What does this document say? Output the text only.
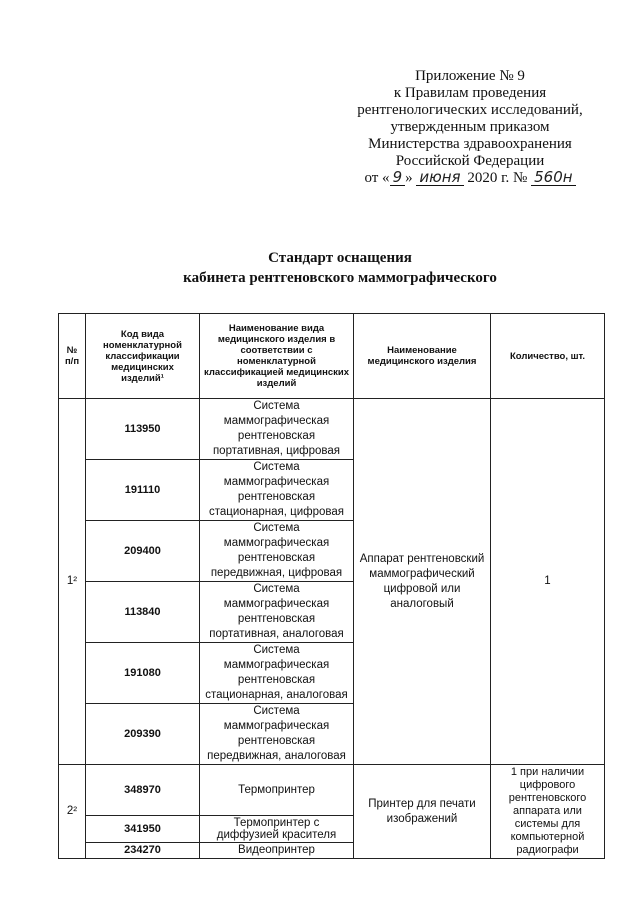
Приложение № 9
к Правилам проведения
рентгенологических исследований,
утвержденным приказом
Министерства здравоохранения
Российской Федерации
от « 9 » июня 2020 г. № 560н
Стандарт оснащения
кабинета рентгеновского маммографического
№ п/п	Код вида номенклатурной классификации медицинских изделий¹	Наименование вида медицинского изделия в соответствии с номенклатурной классификацией медицинских изделий	Наименование медицинского изделия	Количество, шт.
1²	113950	Система маммографическая рентгеновская портативная, цифровая	Аппарат рентгеновский маммографический цифровой или аналоговый	1
	191110	Система маммографическая рентгеновская стационарная, цифровая		
	209400	Система маммографическая рентгеновская передвижная, цифровая		
	113840	Система маммографическая рентгеновская портативная, аналоговая		
	191080	Система маммографическая рентгеновская стационарная, аналоговая		
	209390	Система маммографическая рентгеновская передвижная, аналоговая		
2²	348970	Термопринтер	Принтер для печати изображений	1 при наличии цифрового рентгеновского аппарата или системы для компьютерной радиографи
	341950	Термопринтер с диффузией красителя		
	234270	Видеопринтер		
